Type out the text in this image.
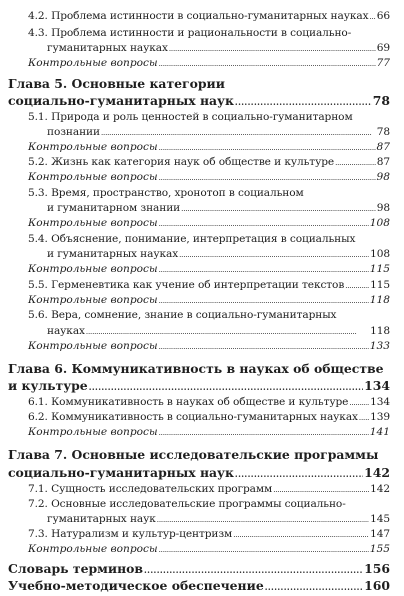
4.2. Проблема истинности в социально-гуманитарных науках . . . 66
4.3. Проблема истинности и рациональности в социально-
гуманитарных науках . . .	69
Контрольные вопросы . . .	77
Глава 5. Основные категории
социально-гуманитарных наук . . .	78
5.1. Природа и роль ценностей в социально-гуманитарном
познании . . .	78
Контрольные вопросы . . .	87
5.2. Жизнь как категория наук об обществе и культуре . . .	87
Контрольные вопросы . . .	98
5.3. Время, пространство, хронотоп в социальном
и гуманитарном знании . . .	98
Контрольные вопросы . . .	108
5.4. Объяснение, понимание, интерпретация в социальных
и гуманитарных науках . . .	108
Контрольные вопросы . . .	115
5.5. Герменевтика как учение об интерпретации текстов . . . 115
Контрольные вопросы . . .	118
5.6. Вера, сомнение, знание в социально-гуманитарных
науках . . .	118
Контрольные вопросы . . .	133
Глава 6. Коммуникативность в науках об обществе
и культуре . . .	134
6.1. Коммуникативность в науках об обществе и культуре . . . 134
6.2. Коммуникативность в социально-гуманитарных науках . . . 139
Контрольные вопросы . . .	141
Глава 7. Основные исследовательские программы
социально-гуманитарных наук . . .	142
7.1. Сущность исследовательских программ . . .	142
7.2. Основные исследовательские программы социально-
гуманитарных наук . . .	145
7.3. Натурализм и культур-центризм . . .	147
Контрольные вопросы . . .	155
Словарь терминов . . .	156
Учебно-методическое обеспечение . . .	160
